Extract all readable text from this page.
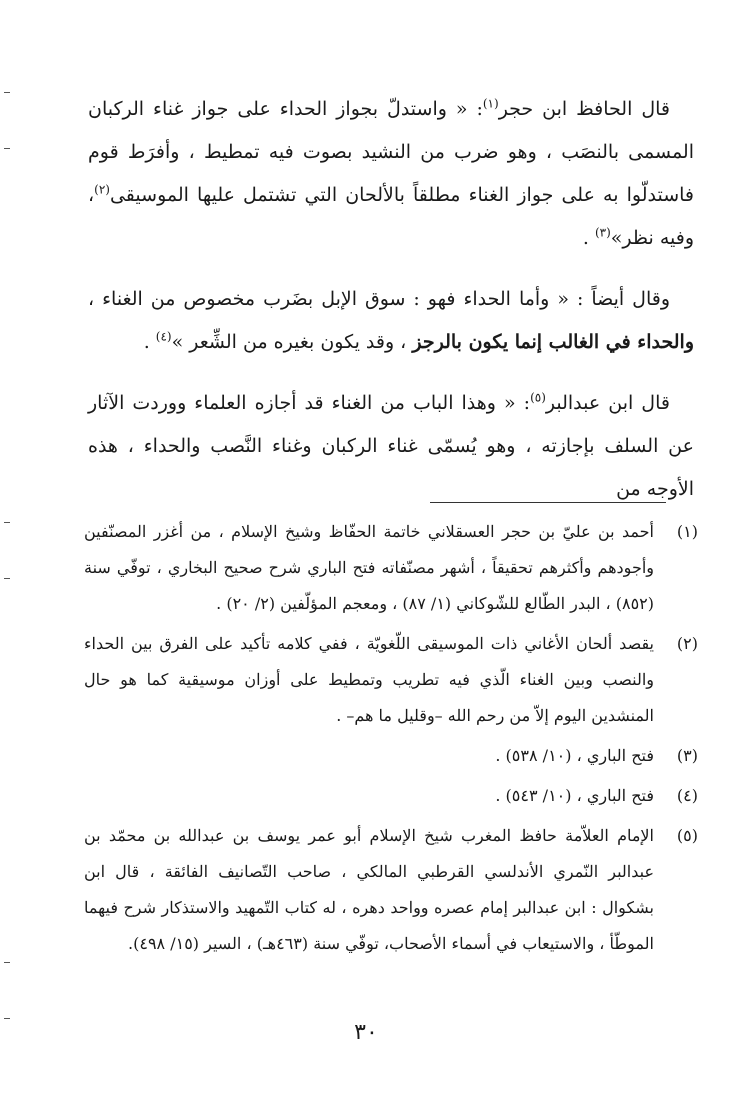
قال الحافظ ابن حجر$^{(١)}$: « واستدلّ بجواز الحداء على جواز غناء الركبان المسمى بالنصَب ، وهو ضرب من النشيد بصوت فيه تمطيط ، وأفرَط قوم فاستدلّوا به على جواز الغناء مطلقاً بالألحان التي تشتمل عليها الموسيقى$^{(٢)}$، وفيه نظر»$^{(٣)}$ .

وقال أيضاً : « وأما الحداء فهو : سوق الإبل بضَرب مخصوص من الغناء ، والحداء في الغالب إنما يكون بالرجز ، وقد يكون بغيره من الشِّعر »$^{(٤)}$ .

قال ابن عبدالبر$^{(٥)}$: « وهذا الباب من الغناء قد أجازه العلماء ووردت الآثار عن السلف بإجازته ، وهو يُسمّى غناء الركبان وغناء النَّصب والحداء ، هذه الأوجه من

(١)
أحمد بن عليّ بن حجر العسقلاني خاتمة الحفّاظ وشيخ الإسلام ، من أغزر المصنّفين وأجودهم وأكثرهم تحقيقاً ، أشهر مصنّفاته فتح الباري شرح صحيح البخاري ، توفّي سنة (٨٥٢) ، البدر الطّالع للشّوكاني (١/ ٨٧) ، ومعجم المؤلّفين (٢/ ٢٠) .
(٢)
يقصد ألحان الأغاني ذات الموسيقى اللّغويّة ، ففي كلامه تأكيد على الفرق بين الحداء والنصب وبين الغناء الّذي فيه تطريب وتمطيط على أوزان موسيقية كما هو حال المنشدين اليوم إلاّ من رحم الله –وقليل ما هم– .
(٣)
فتح الباري ، (١٠/ ٥٣٨) .
(٤)
فتح الباري ، (١٠/ ٥٤٣) .
(٥)
الإمام العلاّمة حافظ المغرب شيخ الإسلام أبو عمر يوسف بن عبدالله بن محمّد بن عبدالبر النّمري الأندلسي القرطبي المالكي ، صاحب التّصانيف الفائقة ، قال ابن بشكوال : ابن عبدالبر إمام عصره وواحد دهره ، له كتاب التّمهيد والاستذكار شرح فيهما الموطّأ ، والاستيعاب في أسماء الأصحاب، توفّي سنة (٤٦٣هـ) ، السير (١٥/ ٤٩٨).
٣٠
